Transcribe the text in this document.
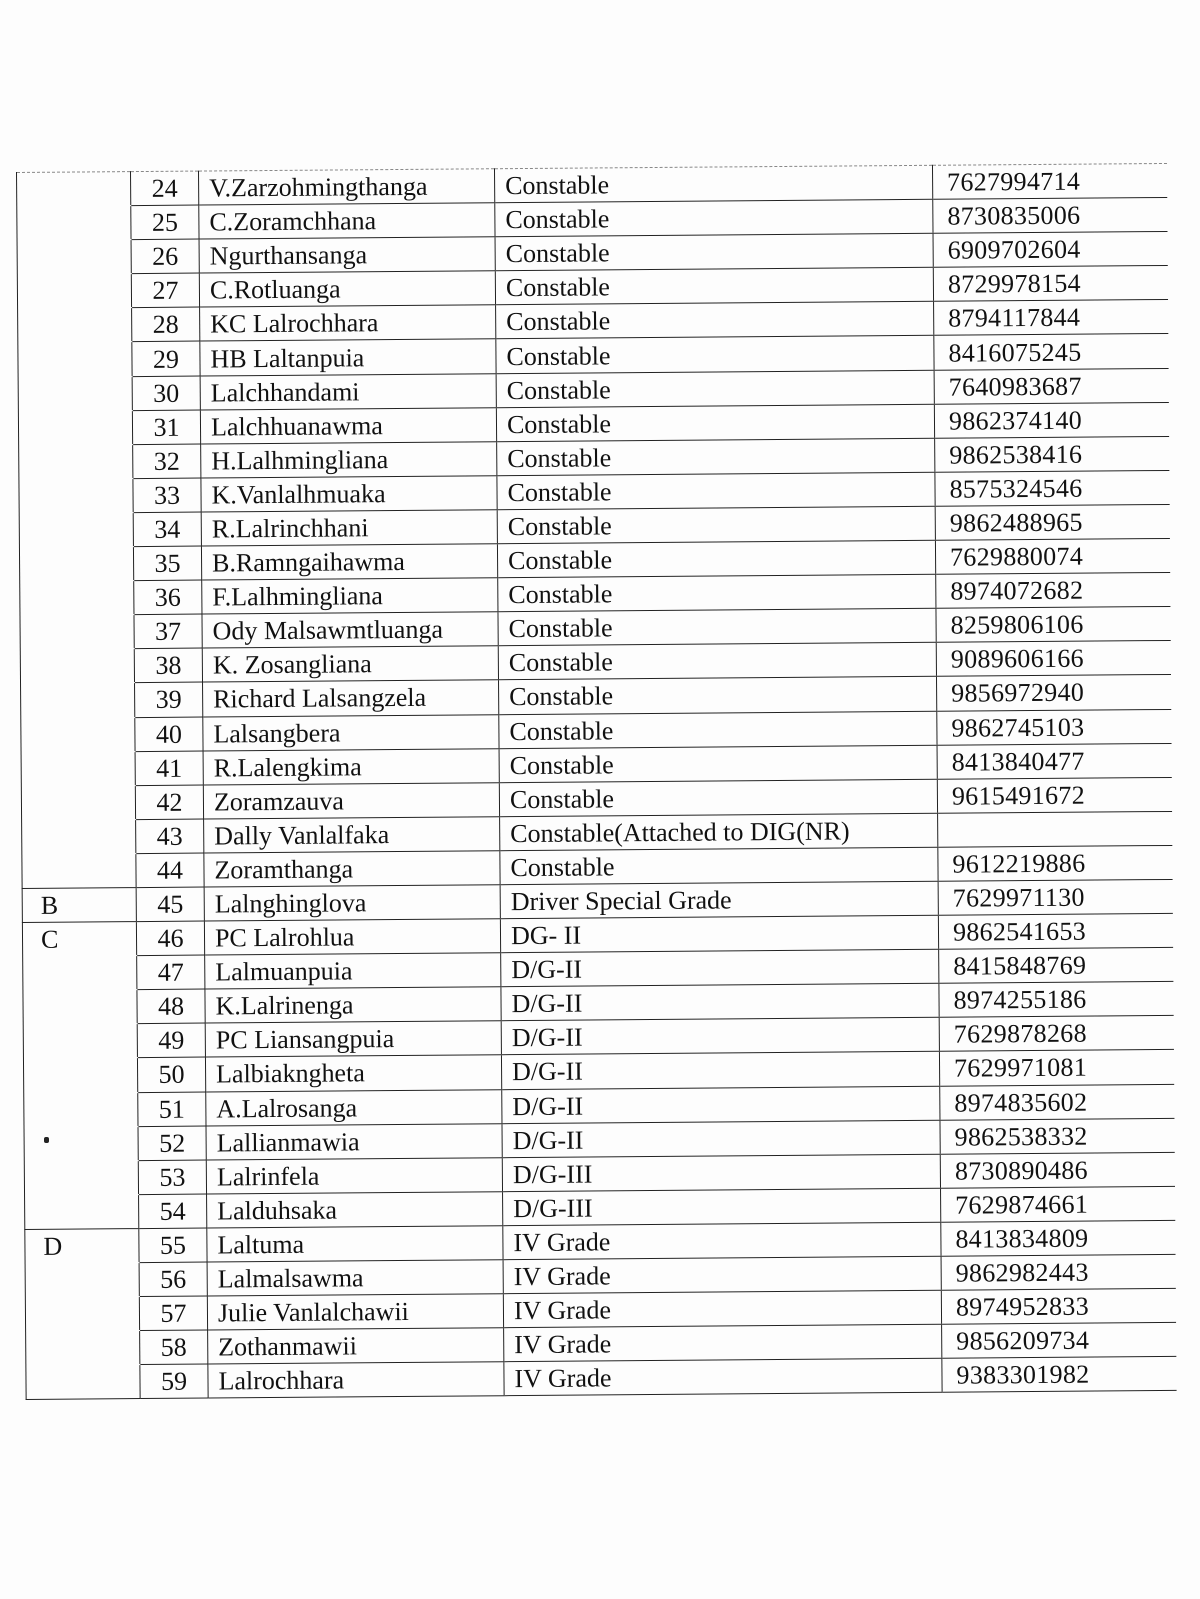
	24	V.Zarzohmingthanga	Constable	7627994714
	25	C.Zoramchhana	Constable	8730835006
	26	Ngurthansanga	Constable	6909702604
	27	C.Rotluanga	Constable	8729978154
	28	KC Lalrochhara	Constable	8794117844
	29	HB Laltanpuia	Constable	8416075245
	30	Lalchhandami	Constable	7640983687
	31	Lalchhuanawma	Constable	9862374140
	32	H.Lalhmingliana	Constable	9862538416
	33	K.Vanlalhmuaka	Constable	8575324546
	34	R.Lalrinchhani	Constable	9862488965
	35	B.Ramngaihawma	Constable	7629880074
	36	F.Lalhmingliana	Constable	8974072682
	37	Ody Malsawmtluanga	Constable	8259806106
	38	K. Zosangliana	Constable	9089606166
	39	Richard Lalsangzela	Constable	9856972940
	40	Lalsangbera	Constable	9862745103
	41	R.Lalengkima	Constable	8413840477
	42	Zoramzauva	Constable	9615491672
	43	Dally Vanlalfaka	Constable(Attached to DIG(NR)	
	44	Zoramthanga	Constable	9612219886
B	45	Lalnghinglova	Driver Special Grade	7629971130
C	46	PC Lalrohlua	DG- II	9862541653
	47	Lalmuanpuia	D/G-II	8415848769
	48	K.Lalrinenga	D/G-II	8974255186
	49	PC Liansangpuia	D/G-II	7629878268
	50	Lalbiakngheta	D/G-II	7629971081
	51	A.Lalrosanga	D/G-II	8974835602
	52	Lallianmawia	D/G-II	9862538332
	53	Lalrinfela	D/G-III	8730890486
	54	Lalduhsaka	D/G-III	7629874661
D	55	Laltuma	IV Grade	8413834809
	56	Lalmalsawma	IV Grade	9862982443
	57	Julie Vanlalchawii	IV Grade	8974952833
	58	Zothanmawii	IV Grade	9856209734
	59	Lalrochhara	IV Grade	9383301982
